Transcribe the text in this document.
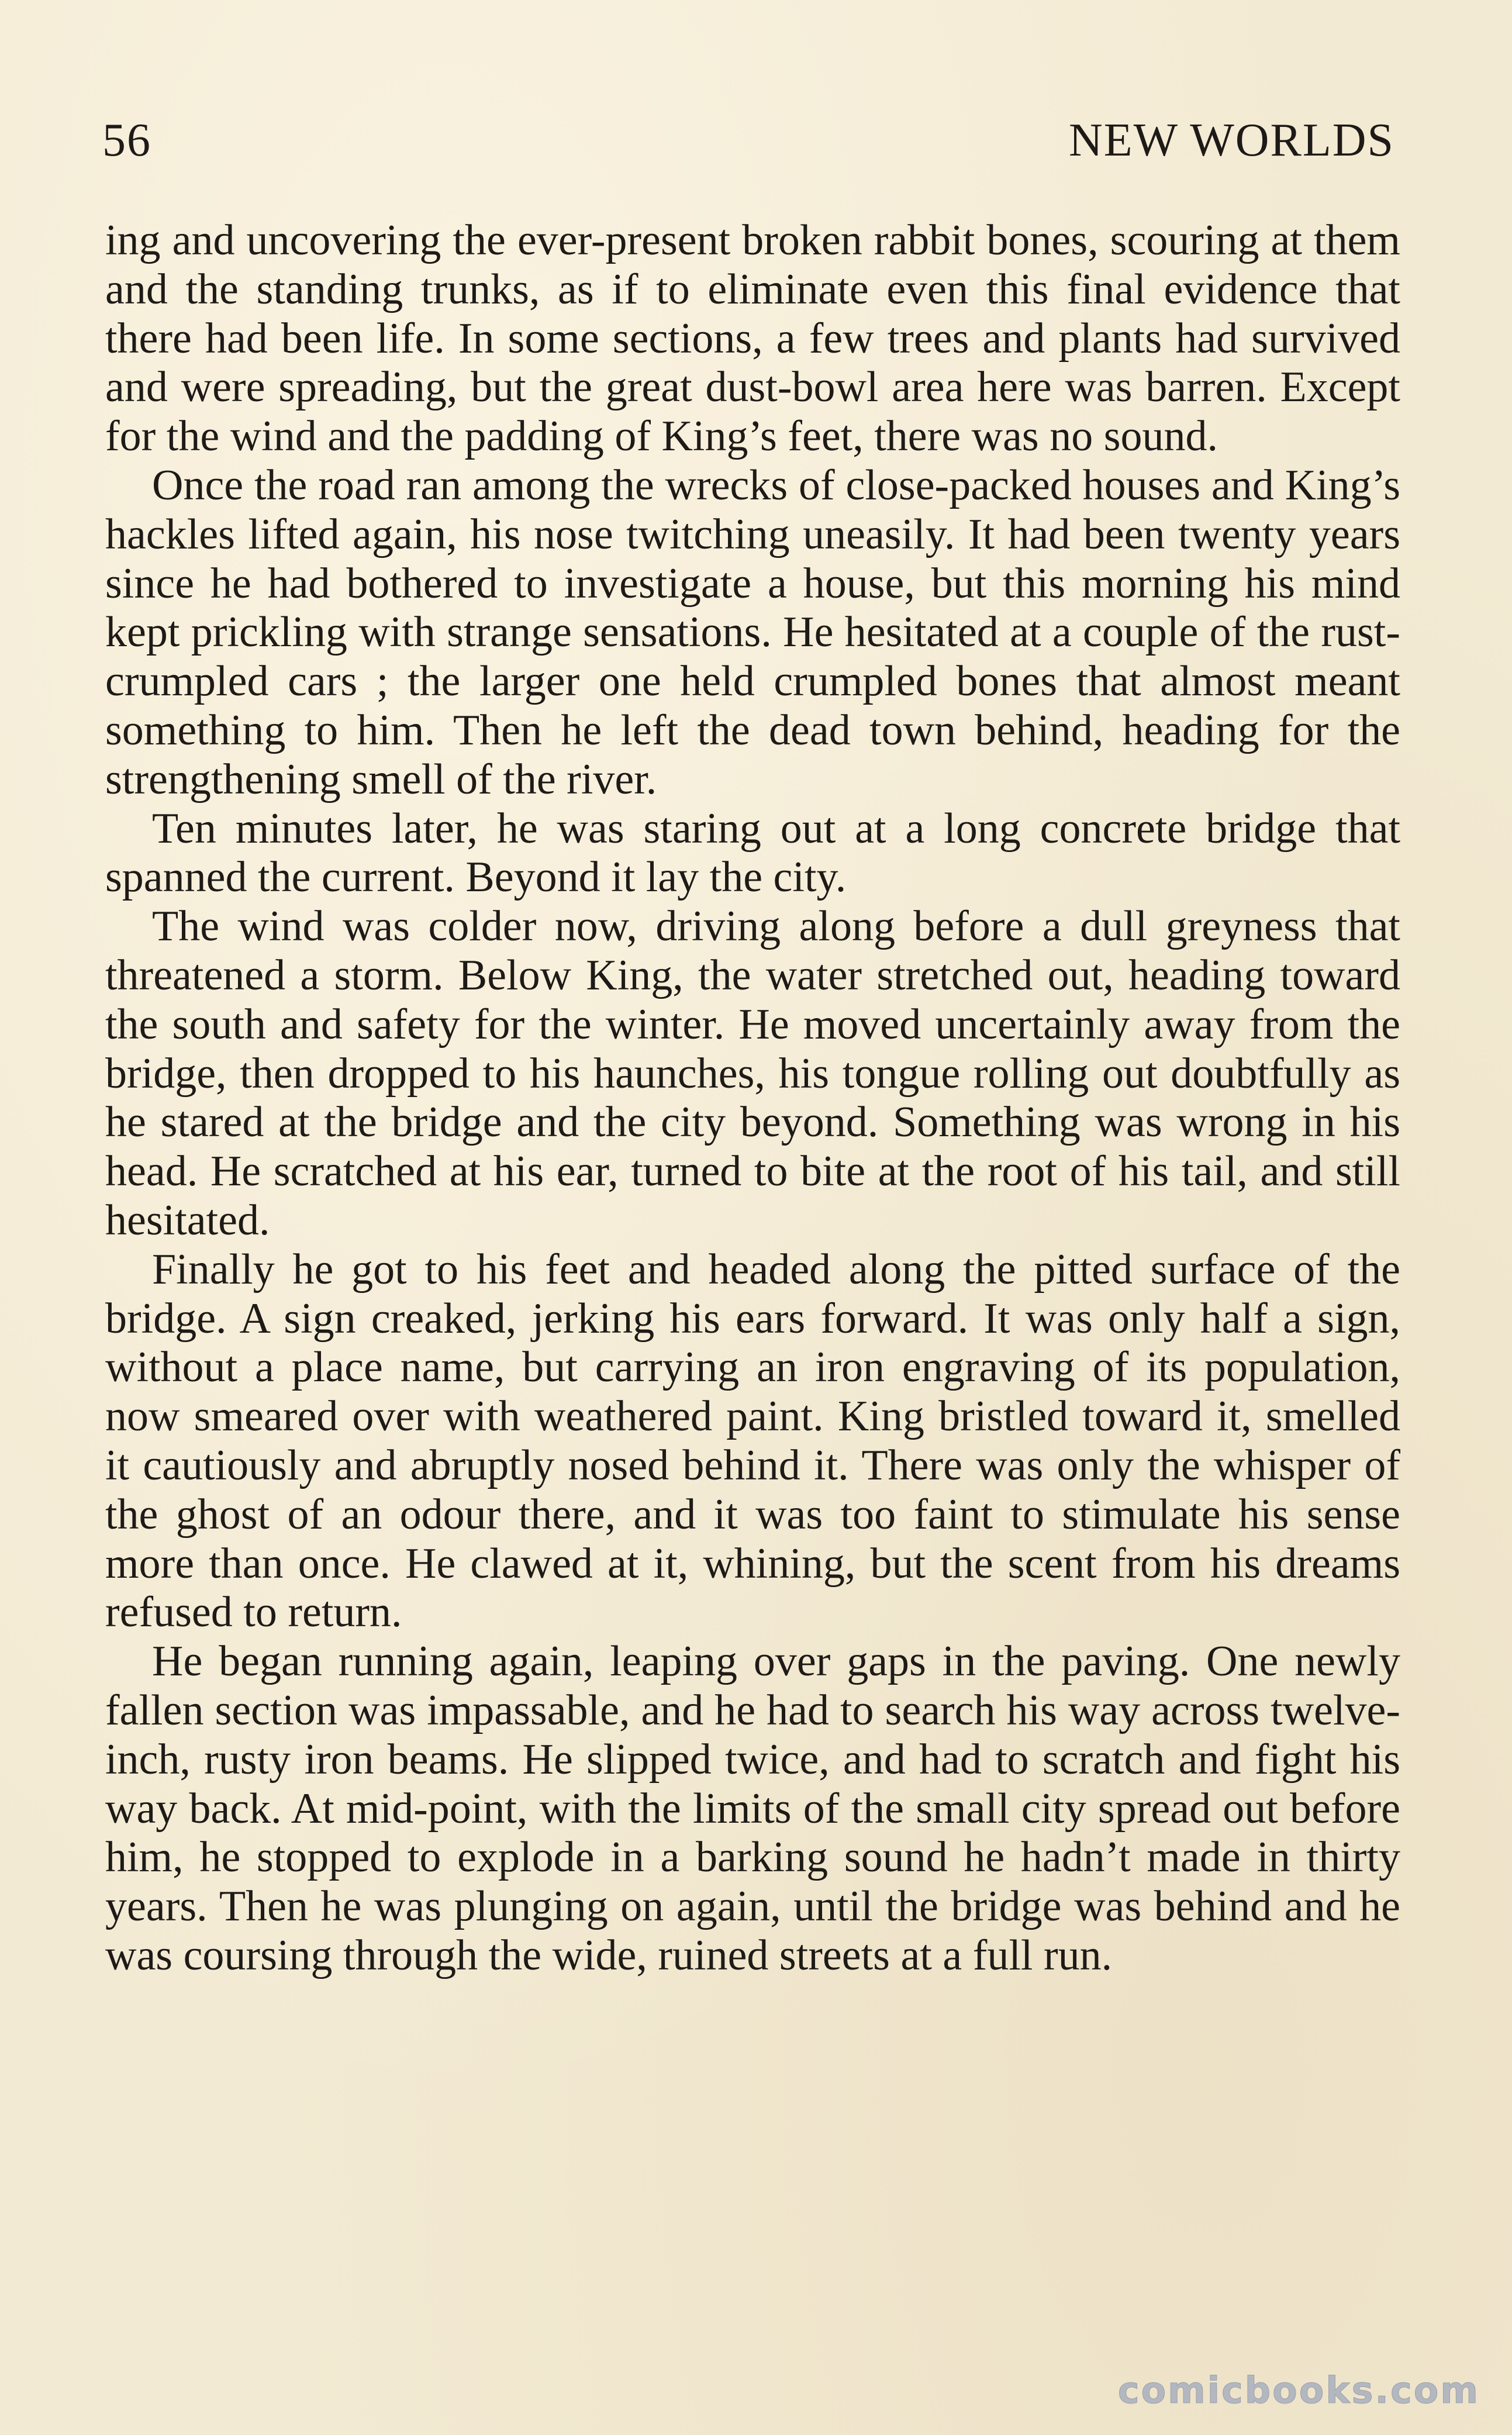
56	NEW WORLDS

ing and uncovering the ever-present broken rabbit bones, scouring at them and the standing trunks, as if to eliminate even this final evidence that there had been life. In some sections, a few trees and plants had survived and were spreading, but the great dust-bowl area here was barren. Except for the wind and the padding of King’s feet, there was no sound.

Once the road ran among the wrecks of close-packed houses and King’s hackles lifted again, his nose twitching uneasily. It had been twenty years since he had bothered to investigate a house, but this morning his mind kept prickling with strange sensations. He hesitated at a couple of the rust-crumpled cars ; the larger one held crumpled bones that almost meant something to him. Then he left the dead town behind, heading for the strengthening smell of the river.

Ten minutes later, he was staring out at a long concrete bridge that spanned the current. Beyond it lay the city.

The wind was colder now, driving along before a dull greyness that threatened a storm. Below King, the water stretched out, heading toward the south and safety for the winter. He moved uncertainly away from the bridge, then dropped to his haunches, his tongue rolling out doubtfully as he stared at the bridge and the city beyond. Something was wrong in his head. He scratched at his ear, turned to bite at the root of his tail, and still hesitated.

Finally he got to his feet and headed along the pitted surface of the bridge. A sign creaked, jerking his ears forward. It was only half a sign, without a place name, but carrying an iron engraving of its population, now smeared over with weathered paint. King bristled toward it, smelled it cautiously and abruptly nosed behind it. There was only the whisper of the ghost of an odour there, and it was too faint to stimulate his sense more than once. He clawed at it, whining, but the scent from his dreams refused to return.

He began running again, leaping over gaps in the paving. One newly fallen section was impassable, and he had to search his way across twelve-inch, rusty iron beams. He slipped twice, and had to scratch and fight his way back. At mid-point, with the limits of the small city spread out before him, he stopped to explode in a barking sound he hadn’t made in thirty years. Then he was plunging on again, until the bridge was behind and he was coursing through the wide, ruined streets at a full run.

comicbooks.com
